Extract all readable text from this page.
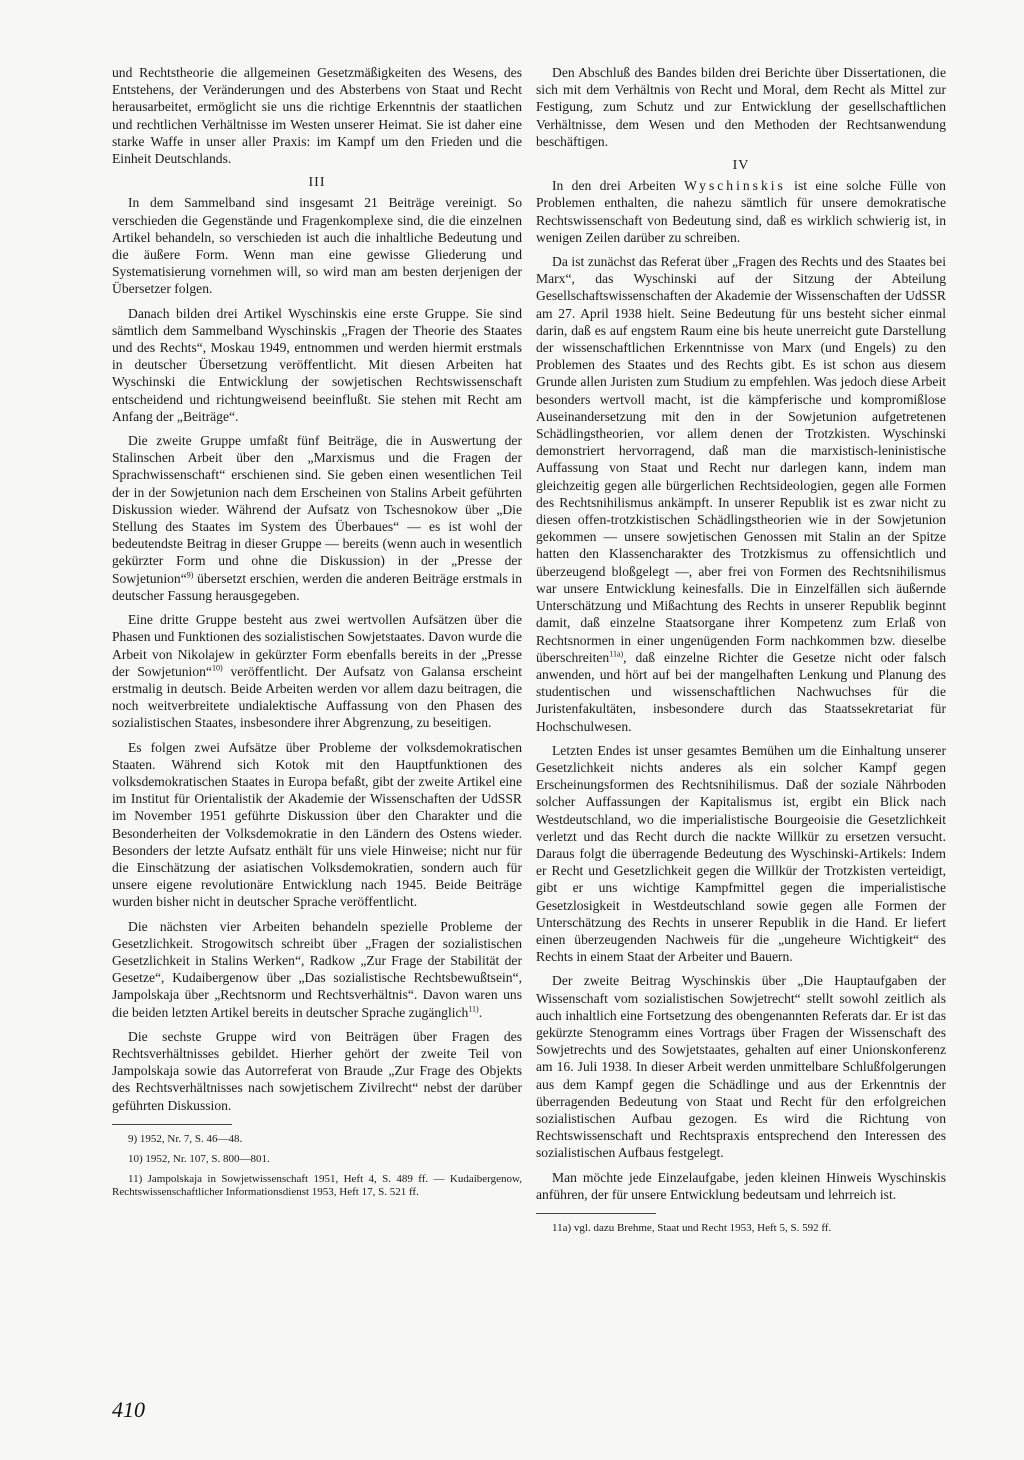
und Rechtstheorie die allgemeinen Gesetzmäßigkeiten des Wesens, des Entstehens, der Veränderungen und des Absterbens von Staat und Recht herausarbeitet, ermöglicht sie uns die richtige Erkenntnis der staatlichen und rechtlichen Verhältnisse im Westen unserer Heimat. Sie ist daher eine starke Waffe in unser aller Praxis: im Kampf um den Frieden und die Einheit Deutschlands.

III

In dem Sammelband sind insgesamt 21 Beiträge vereinigt. So verschieden die Gegenstände und Fragenkomplexe sind, die die einzelnen Artikel behandeln, so verschieden ist auch die inhaltliche Bedeutung und die äußere Form. Wenn man eine gewisse Gliederung und Systematisierung vornehmen will, so wird man am besten derjenigen der Übersetzer folgen.

Danach bilden drei Artikel Wyschinskis eine erste Gruppe. Sie sind sämtlich dem Sammelband Wyschinskis „Fragen der Theorie des Staates und des Rechts“, Moskau 1949, entnommen und werden hiermit erstmals in deutscher Übersetzung veröffentlicht. Mit diesen Arbeiten hat Wyschinski die Entwicklung der sowjetischen Rechtswissenschaft entscheidend und richtungweisend beeinflußt. Sie stehen mit Recht am Anfang der „Beiträge“.

Die zweite Gruppe umfaßt fünf Beiträge, die in Auswertung der Stalinschen Arbeit über den „Marxismus und die Fragen der Sprachwissenschaft“ erschienen sind. Sie geben einen wesentlichen Teil der in der Sowjetunion nach dem Erscheinen von Stalins Arbeit geführten Diskussion wieder. Während der Aufsatz von Tschesnokow über „Die Stellung des Staates im System des Überbaues“ — es ist wohl der bedeutendste Beitrag in dieser Gruppe — bereits (wenn auch in wesentlich gekürzter Form und ohne die Diskussion) in der „Presse der Sowjetunion“$^{9)}$ übersetzt erschien, werden die anderen Beiträge erstmals in deutscher Fassung herausgegeben.

Eine dritte Gruppe besteht aus zwei wertvollen Aufsätzen über die Phasen und Funktionen des sozialistischen Sowjetstaates. Davon wurde die Arbeit von Nikolajew in gekürzter Form ebenfalls bereits in der „Presse der Sowjetunion“$^{10)}$ veröffentlicht. Der Aufsatz von Galansa erscheint erstmalig in deutsch. Beide Arbeiten werden vor allem dazu beitragen, die noch weitverbreitete undialektische Auffassung von den Phasen des sozialistischen Staates, insbesondere ihrer Abgrenzung, zu beseitigen.

Es folgen zwei Aufsätze über Probleme der volksdemokratischen Staaten. Während sich Kotok mit den Hauptfunktionen des volksdemokratischen Staates in Europa befaßt, gibt der zweite Artikel eine im Institut für Orientalistik der Akademie der Wissenschaften der UdSSR im November 1951 geführte Diskussion über den Charakter und die Besonderheiten der Volksdemokratie in den Ländern des Ostens wieder. Besonders der letzte Aufsatz enthält für uns viele Hinweise; nicht nur für die Einschätzung der asiatischen Volksdemokratien, sondern auch für unsere eigene revolutionäre Entwicklung nach 1945. Beide Beiträge wurden bisher nicht in deutscher Sprache veröffentlicht.

Die nächsten vier Arbeiten behandeln spezielle Probleme der Gesetzlichkeit. Strogowitsch schreibt über „Fragen der sozialistischen Gesetzlichkeit in Stalins Werken“, Radkow „Zur Frage der Stabilität der Gesetze“, Kudaibergenow über „Das sozialistische Rechtsbewußtsein“, Jampolskaja über „Rechtsnorm und Rechtsverhältnis“. Davon waren uns die beiden letzten Artikel bereits in deutscher Sprache zugänglich$^{11)}$.

Die sechste Gruppe wird von Beiträgen über Fragen des Rechtsverhältnisses gebildet. Hierher gehört der zweite Teil von Jampolskaja sowie das Autorreferat von Braude „Zur Frage des Objekts des Rechtsverhältnisses nach sowjetischem Zivilrecht“ nebst der darüber geführten Diskussion.

9) 1952, Nr. 7, S. 46—48.

10) 1952, Nr. 107, S. 800—801.

11) Jampolskaja in Sowjetwissenschaft 1951, Heft 4, S. 489 ff. — Kudaibergenow, Rechtswissenschaftlicher Informationsdienst 1953, Heft 17, S. 521 ff.

Den Abschluß des Bandes bilden drei Berichte über Dissertationen, die sich mit dem Verhältnis von Recht und Moral, dem Recht als Mittel zur Festigung, zum Schutz und zur Entwicklung der gesellschaftlichen Verhältnisse, dem Wesen und den Methoden der Rechtsanwendung beschäftigen.

IV

In den drei Arbeiten Wyschinskis ist eine solche Fülle von Problemen enthalten, die nahezu sämtlich für unsere demokratische Rechtswissenschaft von Bedeutung sind, daß es wirklich schwierig ist, in wenigen Zeilen darüber zu schreiben.

Da ist zunächst das Referat über „Fragen des Rechts und des Staates bei Marx“, das Wyschinski auf der Sitzung der Abteilung Gesellschaftswissenschaften der Akademie der Wissenschaften der UdSSR am 27. April 1938 hielt. Seine Bedeutung für uns besteht sicher einmal darin, daß es auf engstem Raum eine bis heute unerreicht gute Darstellung der wissenschaftlichen Erkenntnisse von Marx (und Engels) zu den Problemen des Staates und des Rechts gibt. Es ist schon aus diesem Grunde allen Juristen zum Studium zu empfehlen. Was jedoch diese Arbeit besonders wertvoll macht, ist die kämpferische und kompromißlose Auseinandersetzung mit den in der Sowjetunion aufgetretenen Schädlingstheorien, vor allem denen der Trotzkisten. Wyschinski demonstriert hervorragend, daß man die marxistisch-leninistische Auffassung von Staat und Recht nur darlegen kann, indem man gleichzeitig gegen alle bürgerlichen Rechtsideologien, gegen alle Formen des Rechtsnihilismus ankämpft. In unserer Republik ist es zwar nicht zu diesen offen-trotzkistischen Schädlingstheorien wie in der Sowjetunion gekommen — unsere sowjetischen Genossen mit Stalin an der Spitze hatten den Klassencharakter des Trotzkismus zu offensichtlich und überzeugend bloßgelegt —, aber frei von Formen des Rechtsnihilismus war unsere Entwicklung keinesfalls. Die in Einzelfällen sich äußernde Unterschätzung und Mißachtung des Rechts in unserer Republik beginnt damit, daß einzelne Staatsorgane ihrer Kompetenz zum Erlaß von Rechtsnormen in einer ungenügenden Form nachkommen bzw. dieselbe überschreiten$^{11a)}$, daß einzelne Richter die Gesetze nicht oder falsch anwenden, und hört auf bei der mangelhaften Lenkung und Planung des studentischen und wissenschaftlichen Nachwuchses für die Juristenfakultäten, insbesondere durch das Staatssekretariat für Hochschulwesen.

Letzten Endes ist unser gesamtes Bemühen um die Einhaltung unserer Gesetzlichkeit nichts anderes als ein solcher Kampf gegen Erscheinungsformen des Rechtsnihilismus. Daß der soziale Nährboden solcher Auffassungen der Kapitalismus ist, ergibt ein Blick nach Westdeutschland, wo die imperialistische Bourgeoisie die Gesetzlichkeit verletzt und das Recht durch die nackte Willkür zu ersetzen versucht. Daraus folgt die überragende Bedeutung des Wyschinski-Artikels: Indem er Recht und Gesetzlichkeit gegen die Willkür der Trotzkisten verteidigt, gibt er uns wichtige Kampfmittel gegen die imperialistische Gesetzlosigkeit in Westdeutschland sowie gegen alle Formen der Unterschätzung des Rechts in unserer Republik in die Hand. Er liefert einen überzeugenden Nachweis für die „ungeheure Wichtigkeit“ des Rechts in einem Staat der Arbeiter und Bauern.

Der zweite Beitrag Wyschinskis über „Die Hauptaufgaben der Wissenschaft vom sozialistischen Sowjetrecht“ stellt sowohl zeitlich als auch inhaltlich eine Fortsetzung des obengenannten Referats dar. Er ist das gekürzte Stenogramm eines Vortrags über Fragen der Wissenschaft des Sowjetrechts und des Sowjetstaates, gehalten auf einer Unionskonferenz am 16. Juli 1938. In dieser Arbeit werden unmittelbare Schlußfolgerungen aus dem Kampf gegen die Schädlinge und aus der Erkenntnis der überragenden Bedeutung von Staat und Recht für den erfolgreichen sozialistischen Aufbau gezogen. Es wird die Richtung von Rechtswissenschaft und Rechtspraxis entsprechend den Interessen des sozialistischen Aufbaus festgelegt.

Man möchte jede Einzelaufgabe, jeden kleinen Hinweis Wyschinskis anführen, der für unsere Entwicklung bedeutsam und lehrreich ist.

11a) vgl. dazu Brehme, Staat und Recht 1953, Heft 5, S. 592 ff.

410
